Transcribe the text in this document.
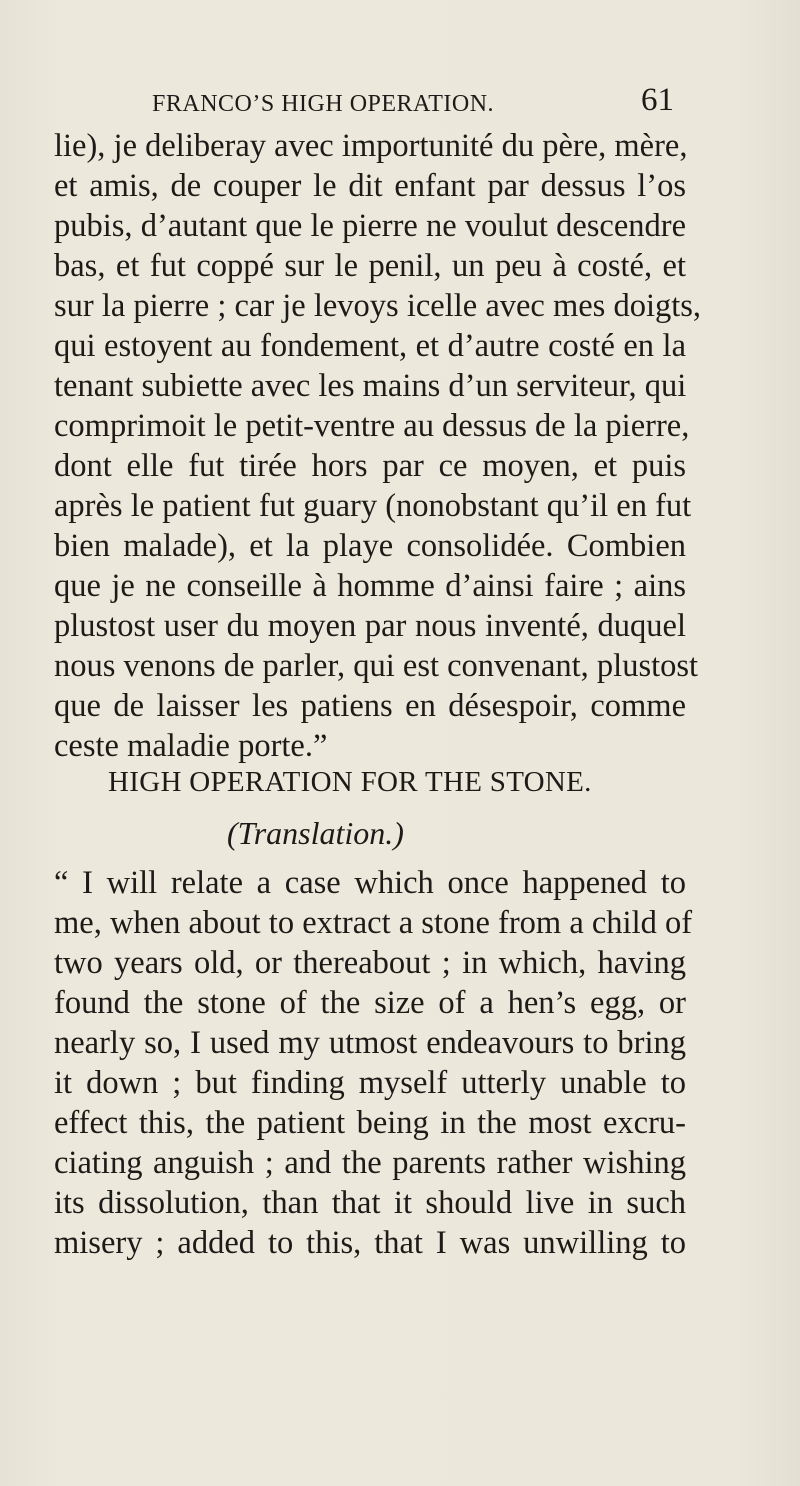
FRANCO’S HIGH OPERATION.	61
lie), je deliberay avec importunité du père, mère,
et amis, de couper le dit enfant par dessus l’os
pubis, d’autant que le pierre ne voulut descendre
bas, et fut coppé sur le penil, un peu à costé, et
sur la pierre ; car je levoys icelle avec mes doigts,
qui estoyent au fondement, et d’autre costé en la
tenant subiette avec les mains d’un serviteur, qui
comprimoit le petit-ventre au dessus de la pierre,
dont elle fut tirée hors par ce moyen, et puis
après le patient fut guary (nonobstant qu’il en fut
bien malade), et la playe consolidée. Combien
que je ne conseille à homme d’ainsi faire ; ains
plustost user du moyen par nous inventé, duquel
nous venons de parler, qui est convenant, plustost
que de laisser les patiens en désespoir, comme
ceste maladie porte.”
HIGH OPERATION FOR THE STONE.
(Translation.)
“ I will relate a case which once happened to
me, when about to extract a stone from a child of
two years old, or thereabout ; in which, having
found the stone of the size of a hen’s egg, or
nearly so, I used my utmost endeavours to bring
it down ; but finding myself utterly unable to
effect this, the patient being in the most excru-
ciating anguish ; and the parents rather wishing
its dissolution, than that it should live in such
misery ; added to this, that I was unwilling to
